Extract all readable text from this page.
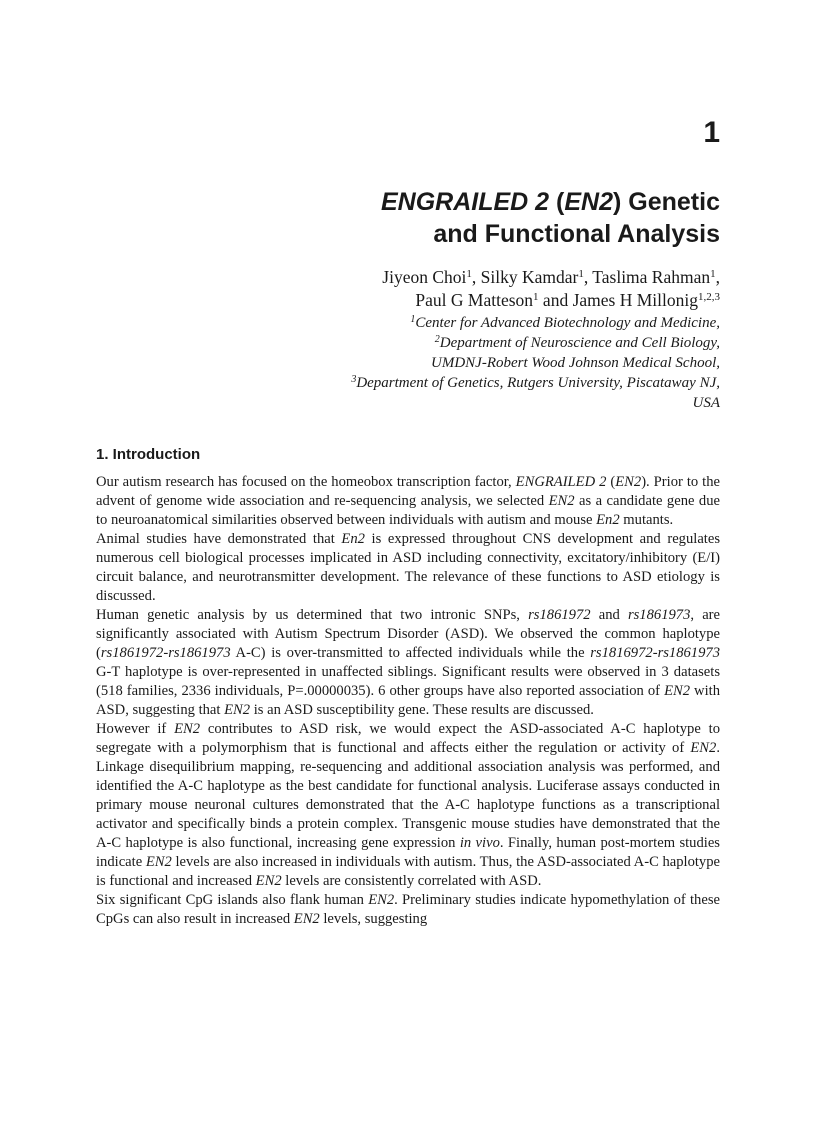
1
ENGRAILED 2 (EN2) Genetic
and Functional Analysis
Jiyeon Choi$^1$, Silky Kamdar$^1$, Taslima Rahman$^1$,
Paul G Matteson$^1$ and James H Millonig$^{1,2,3}$
$^1$Center for Advanced Biotechnology and Medicine,
$^2$Department of Neuroscience and Cell Biology,
UMDNJ-Robert Wood Johnson Medical School,
$^3$Department of Genetics, Rutgers University, Piscataway NJ,
USA
1. Introduction

Our autism research has focused on the homeobox transcription factor, ENGRAILED 2 (EN2). Prior to the advent of genome wide association and re-sequencing analysis, we selected EN2 as a candidate gene due to neuroanatomical similarities observed between individuals with autism and mouse En2 mutants.

Animal studies have demonstrated that En2 is expressed throughout CNS development and regulates numerous cell biological processes implicated in ASD including connectivity, excitatory/inhibitory (E/I) circuit balance, and neurotransmitter development. The relevance of these functions to ASD etiology is discussed.

Human genetic analysis by us determined that two intronic SNPs, rs1861972 and rs1861973, are significantly associated with Autism Spectrum Disorder (ASD). We observed the common haplotype (rs1861972-rs1861973 A-C) is over-transmitted to affected individuals while the rs1816972-rs1861973 G-T haplotype is over-represented in unaffected siblings. Significant results were observed in 3 datasets (518 families, 2336 individuals, P=.00000035). 6 other groups have also reported association of EN2 with ASD, suggesting that EN2 is an ASD susceptibility gene. These results are discussed.

However if EN2 contributes to ASD risk, we would expect the ASD-associated A-C haplotype to segregate with a polymorphism that is functional and affects either the regulation or activity of EN2. Linkage disequilibrium mapping, re-sequencing and additional association analysis was performed, and identified the A-C haplotype as the best candidate for functional analysis. Luciferase assays conducted in primary mouse neuronal cultures demonstrated that the A-C haplotype functions as a transcriptional activator and specifically binds a protein complex. Transgenic mouse studies have demonstrated that the A-C haplotype is also functional, increasing gene expression in vivo. Finally, human post-mortem studies indicate EN2 levels are also increased in individuals with autism. Thus, the ASD-associated A-C haplotype is functional and increased EN2 levels are consistently correlated with ASD.

Six significant CpG islands also flank human EN2. Preliminary studies indicate hypomethylation of these CpGs can also result in increased EN2 levels, suggesting
